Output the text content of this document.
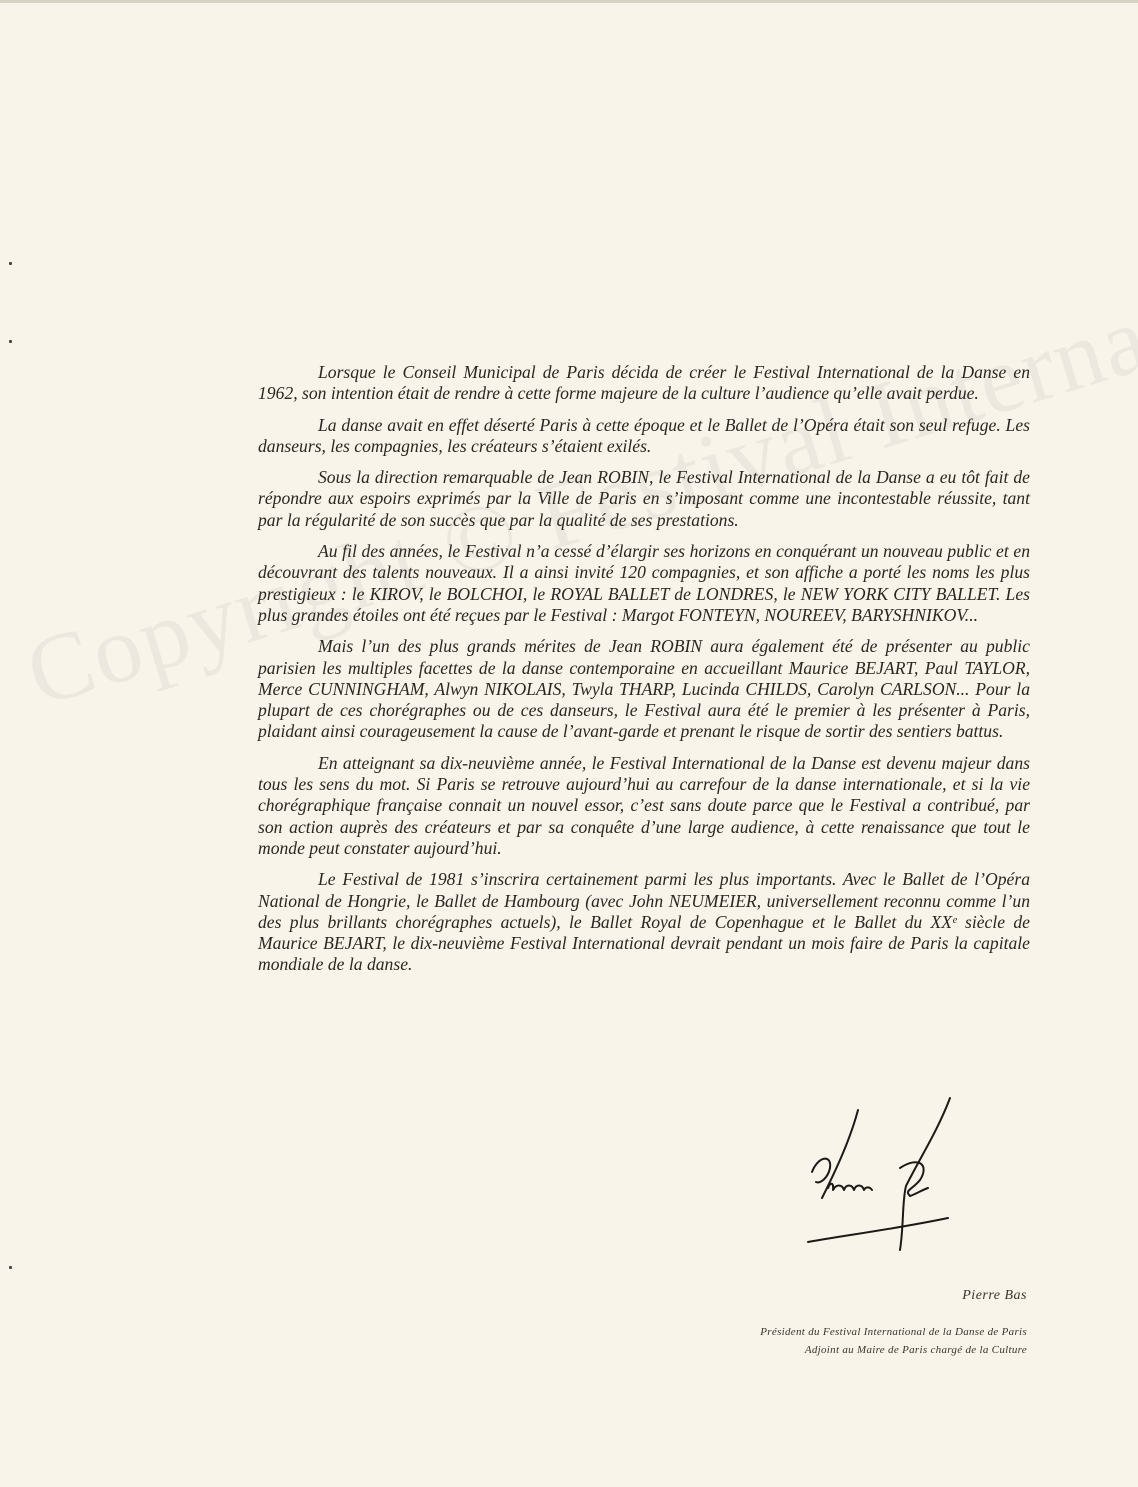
Lorsque le Conseil Municipal de Paris décida de créer le Festival International de la Danse en 1962, son intention était de rendre à cette forme majeure de la culture l’audience qu’elle avait perdue.

La danse avait en effet déserté Paris à cette époque et le Ballet de l’Opéra était son seul refuge. Les danseurs, les compagnies, les créateurs s’étaient exilés.

Sous la direction remarquable de Jean ROBIN, le Festival International de la Danse a eu tôt fait de répondre aux espoirs exprimés par la Ville de Paris en s’imposant comme une incontestable réussite, tant par la régularité de son succès que par la qualité de ses prestations.

Au fil des années, le Festival n’a cessé d’élargir ses horizons en conquérant un nouveau public et en découvrant des talents nouveaux. Il a ainsi invité 120 compagnies, et son affiche a porté les noms les plus prestigieux : le KIROV, le BOLCHOI, le ROYAL BALLET de LONDRES, le NEW YORK CITY BALLET. Les plus grandes étoiles ont été reçues par le Festival : Margot FONTEYN, NOUREEV, BARYSHNIKOV...

Mais l’un des plus grands mérites de Jean ROBIN aura également été de présenter au public parisien les multiples facettes de la danse contemporaine en accueillant Maurice BEJART, Paul TAYLOR, Merce CUNNINGHAM, Alwyn NIKOLAIS, Twyla THARP, Lucinda CHILDS, Carolyn CARLSON... Pour la plupart de ces chorégraphes ou de ces danseurs, le Festival aura été le premier à les présenter à Paris, plaidant ainsi courageusement la cause de l’avant-garde et prenant le risque de sortir des sentiers battus.

En atteignant sa dix-neuvième année, le Festival International de la Danse est devenu majeur dans tous les sens du mot. Si Paris se retrouve aujourd’hui au carrefour de la danse internationale, et si la vie chorégraphique française connait un nouvel essor, c’est sans doute parce que le Festival a contribué, par son action auprès des créateurs et par sa conquête d’une large audience, à cette renaissance que tout le monde peut constater aujourd’hui.

Le Festival de 1981 s’inscrira certainement parmi les plus importants. Avec le Ballet de l’Opéra National de Hongrie, le Ballet de Hambourg (avec John NEUMEIER, universellement reconnu comme l’un des plus brillants chorégraphes actuels), le Ballet Royal de Copenhague et le Ballet du XXᵉ siècle de Maurice BEJART, le dix-neuvième Festival International devrait pendant un mois faire de Paris la capitale mondiale de la danse.

Pierre Bas
Président du Festival International de la Danse de Paris
Adjoint au Maire de Paris chargé de la Culture
